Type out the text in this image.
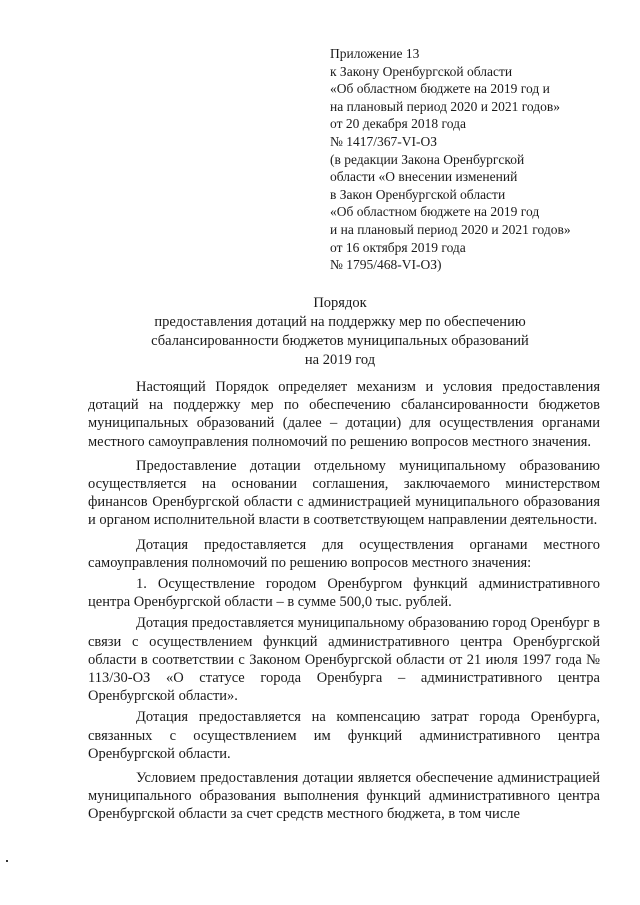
Приложение 13
к Закону Оренбургской области
«Об областном бюджете на 2019 год и
на плановый период 2020 и 2021 годов»
от 20 декабря 2018 года
№ 1417/367-VI-ОЗ
(в редакции Закона Оренбургской
области «О внесении изменений
в Закон Оренбургской области
«Об областном бюджете на 2019 год
и на плановый период 2020 и 2021 годов»
от 16 октября 2019 года
№ 1795/468-VI-ОЗ)
Порядок
предоставления дотаций на поддержку мер по обеспечению
сбалансированности бюджетов муниципальных образований
на 2019 год

Настоящий Порядок определяет механизм и условия предоставления дотаций на поддержку мер по обеспечению сбалансированности бюджетов муниципальных образований (далее – дотации) для осуществления органами местного самоуправления полномочий по решению вопросов местного значения.

Предоставление дотации отдельному муниципальному образованию осуществляется на основании соглашения, заключаемого министерством финансов Оренбургской области с администрацией муниципального образования и органом исполнительной власти в соответствующем направлении деятельности.

Дотация предоставляется для осуществления органами местного самоуправления полномочий по решению вопросов местного значения:

1. Осуществление городом Оренбургом функций административного центра Оренбургской области – в сумме 500,0 тыс. рублей.

Дотация предоставляется муниципальному образованию город Оренбург в связи с осуществлением функций административного центра Оренбургской области в соответствии с Законом Оренбургской области от 21 июля 1997 года № 113/30-ОЗ «О статусе города Оренбурга – административного центра Оренбургской области».

Дотация предоставляется на компенсацию затрат города Оренбурга, связанных с осуществлением им функций административного центра Оренбургской области.

Условием предоставления дотации является обеспечение администрацией муниципального образования выполнения функций административного центра Оренбургской области за счет средств местного бюджета, в том числе
